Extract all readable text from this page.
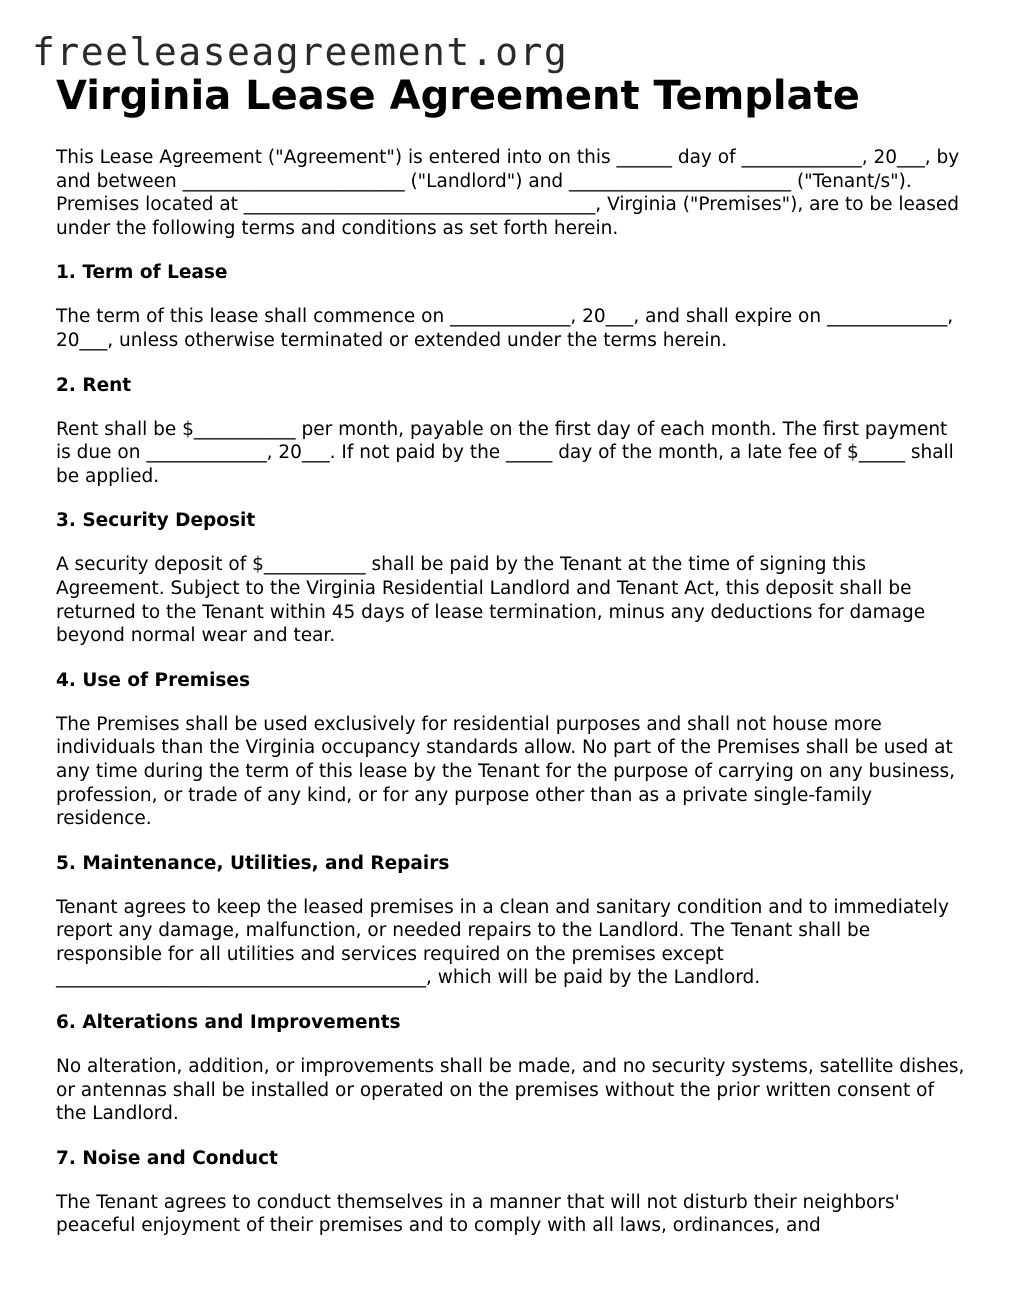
freeleaseagreement.org
Virginia Lease Agreement Template

This Lease Agreement ("Agreement") is entered into on this ______ day of _____________, 20___, by and between ________________________ ("Landlord") and ________________________ ("Tenant/s"). Premises located at ______________________________________, Virginia ("Premises"), are to be leased under the following terms and conditions as set forth herein.

1. Term of Lease

The term of this lease shall commence on _____________, 20___, and shall expire on _____________, 20___, unless otherwise terminated or extended under the terms herein.

2. Rent

Rent shall be $___________ per month, payable on the first day of each month. The first payment is due on _____________, 20___. If not paid by the _____ day of the month, a late fee of $_____ shall be applied.

3. Security Deposit

A security deposit of $___________ shall be paid by the Tenant at the time of signing this Agreement. Subject to the Virginia Residential Landlord and Tenant Act, this deposit shall be returned to the Tenant within 45 days of lease termination, minus any deductions for damage beyond normal wear and tear.

4. Use of Premises

The Premises shall be used exclusively for residential purposes and shall not house more individuals than the Virginia occupancy standards allow. No part of the Premises shall be used at any time during the term of this lease by the Tenant for the purpose of carrying on any business, profession, or trade of any kind, or for any purpose other than as a private single-family residence.

5. Maintenance, Utilities, and Repairs

Tenant agrees to keep the leased premises in a clean and sanitary condition and to immediately report any damage, malfunction, or needed repairs to the Landlord. The Tenant shall be responsible for all utilities and services required on the premises except ________________________________________, which will be paid by the Landlord.

6. Alterations and Improvements

No alteration, addition, or improvements shall be made, and no security systems, satellite dishes, or antennas shall be installed or operated on the premises without the prior written consent of the Landlord.

7. Noise and Conduct

The Tenant agrees to conduct themselves in a manner that will not disturb their neighbors' peaceful enjoyment of their premises and to comply with all laws, ordinances, and
